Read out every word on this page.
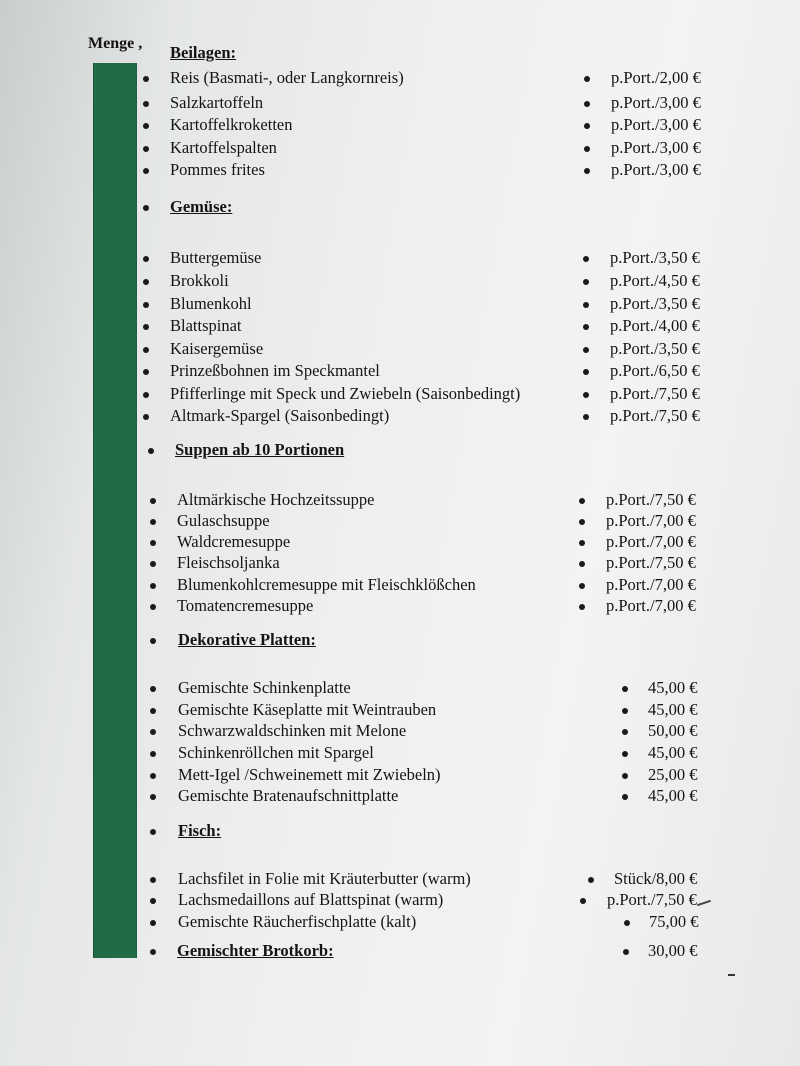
Menge , Beilagen:
Reis (Basmati-, oder Langkornreis)	p.Port./2,00 €
Salzkartoffeln	p.Port./3,00 €
Kartoffelkroketten	p.Port./3,00 €
Kartoffelspalten	p.Port./3,00 €
Pommes frites	p.Port./3,00 €
Gemüse:
Buttergemüse	p.Port./3,50 €
Brokkoli	p.Port./4,50 €
Blumenkohl	p.Port./3,50 €
Blattspinat	p.Port./4,00 €
Kaisergemüse	p.Port./3,50 €
Prinzeßbohnen im Speckmantel	p.Port./6,50 €
Pfifferlinge mit Speck und Zwiebeln (Saisonbedingt)	p.Port./7,50 €
Altmark-Spargel (Saisonbedingt)	p.Port./7,50 €
Suppen ab 10 Portionen
Altmärkische Hochzeitssuppe	p.Port./7,50 €
Gulaschsuppe	p.Port./7,00 €
Waldcremesuppe	p.Port./7,00 €
Fleischsoljanka	p.Port./7,50 €
Blumenkohlcremesuppe mit Fleischklößchen	p.Port./7,00 €
Tomatencremesuppe	p.Port./7,00 €
Dekorative Platten:
Gemischte Schinkenplatte	45,00 €
Gemischte Käseplatte mit Weintrauben	45,00 €
Schwarzwaldschinken mit Melone	50,00 €
Schinkenröllchen mit Spargel	45,00 €
Mett-Igel /Schweinemett mit Zwiebeln)	25,00 €
Gemischte Bratenaufschnittplatte	45,00 €
Fisch:
Lachsfilet in Folie mit Kräuterbutter (warm)	Stück/8,00 €
Lachsmedaillons auf Blattspinat (warm)	p.Port./7,50 €
Gemischte Räucherfischplatte (kalt)	75,00 €
Gemischter Brotkorb:	30,00 €
